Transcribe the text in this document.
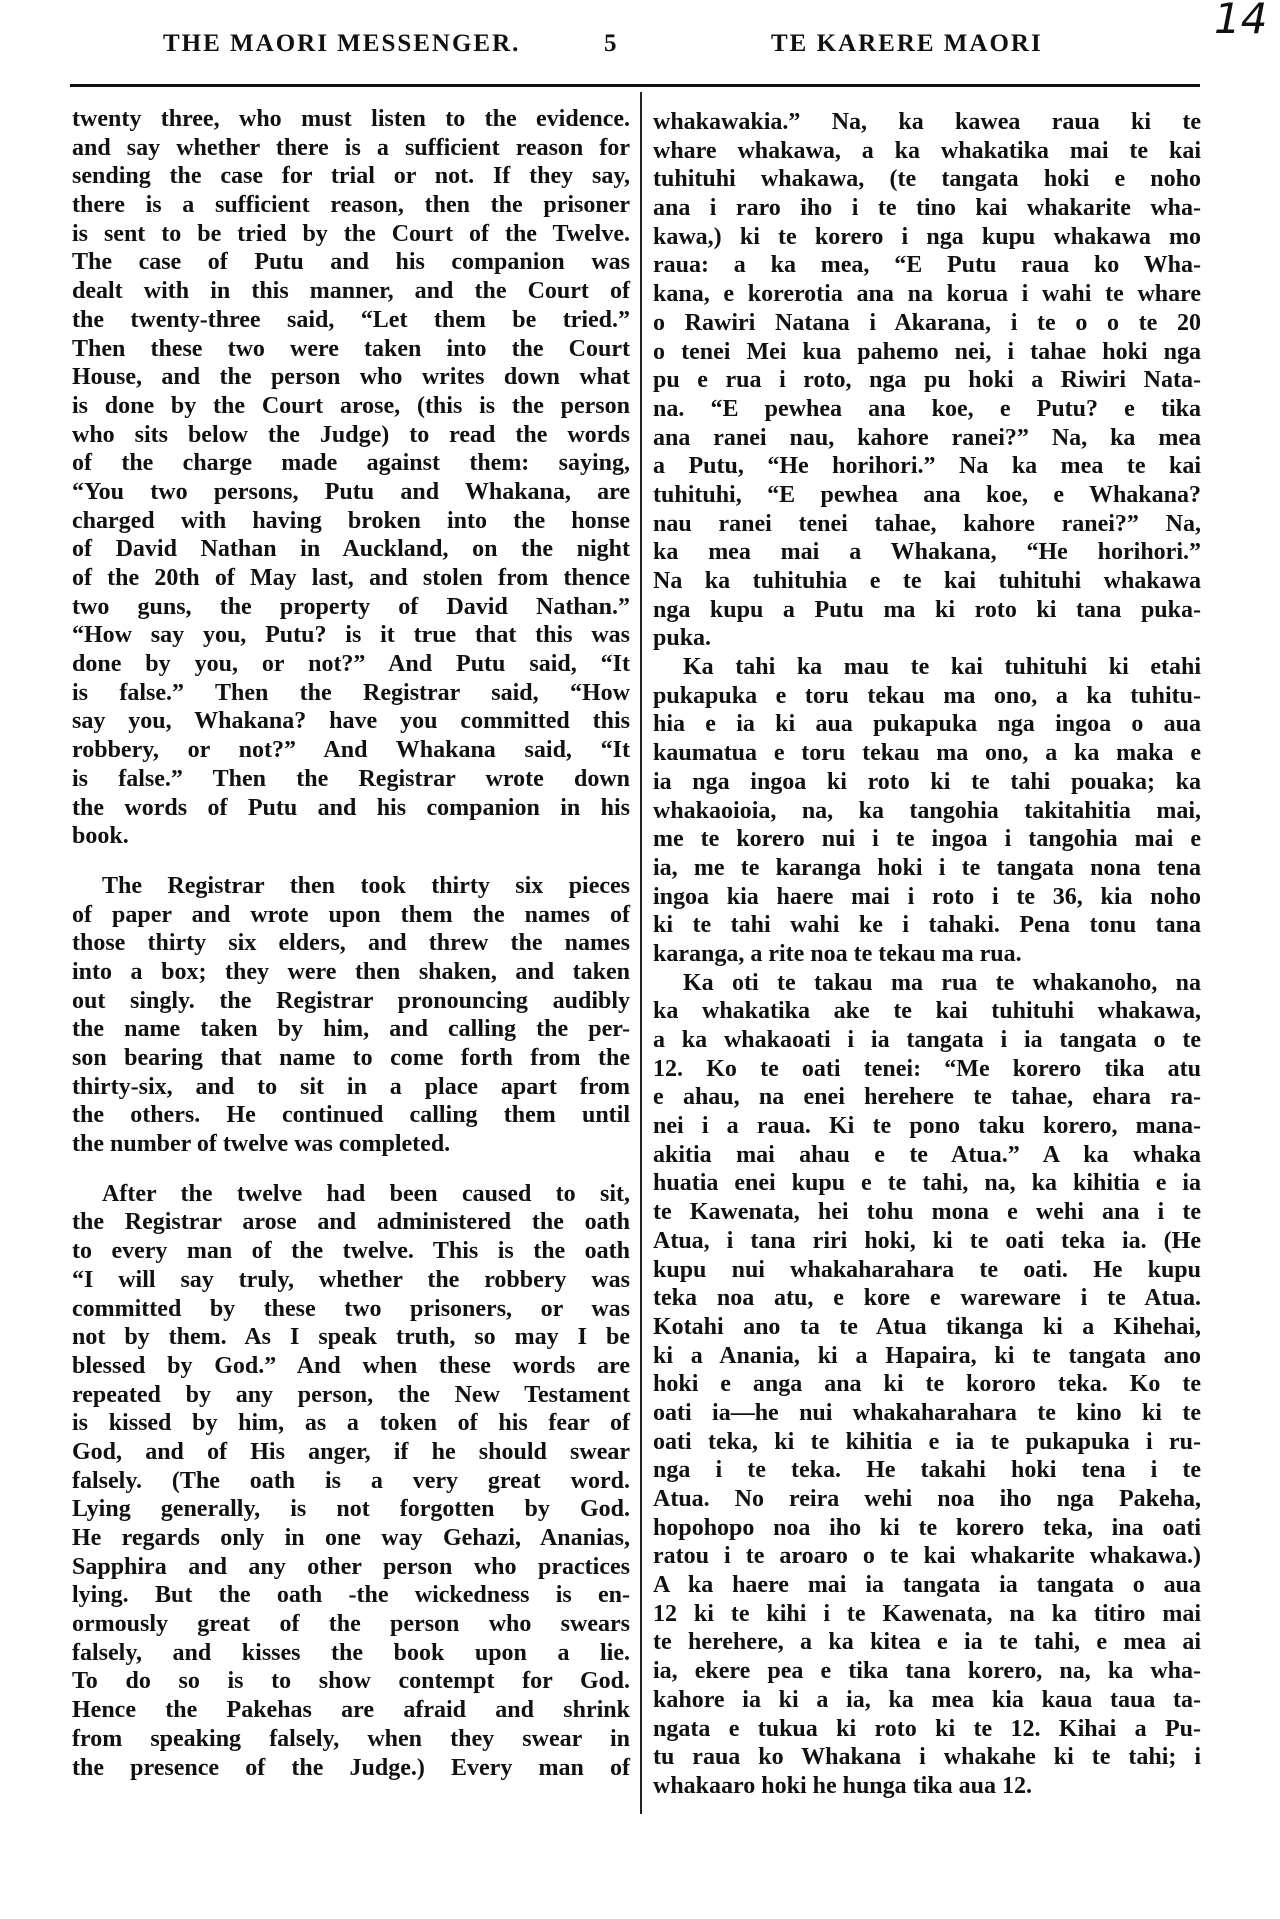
THE MAORI MESSENGER.	5	TE KARERE MAORI
14
twenty three, who must listen to the evidence.
and say whether there is a sufficient reason for
sending the case for trial or not. If they say,
there is a sufficient reason, then the prisoner
is sent to be tried by the Court of the Twelve.
The case of Putu and his companion was
dealt with in this manner, and the Court of
the twenty-three said, “Let them be tried.”
Then these two were taken into the Court
House, and the person who writes down what
is done by the Court arose, (this is the person
who sits below the Judge) to read the words
of the charge made against them: saying,
“You two persons, Putu and Whakana, are
charged with having broken into the honse
of David Nathan in Auckland, on the night
of the 20th of May last, and stolen from thence
two guns, the property of David Nathan.”
“How say you, Putu? is it true that this was
done by you, or not?” And Putu said, “It
is false.” Then the Registrar said, “How
say you, Whakana? have you committed this
robbery, or not?” And Whakana said, “It
is false.” Then the Registrar wrote down
the words of Putu and his companion in his
book.
The Registrar then took thirty six pieces
of paper and wrote upon them the names of
those thirty six elders, and threw the names
into a box; they were then shaken, and taken
out singly. the Registrar pronouncing audibly
the name taken by him, and calling the per-
son bearing that name to come forth from the
thirty-six, and to sit in a place apart from
the others. He continued calling them until
the number of twelve was completed.
After the twelve had been caused to sit,
the Registrar arose and administered the oath
to every man of the twelve. This is the oath
“I will say truly, whether the robbery was
committed by these two prisoners, or was
not by them. As I speak truth, so may I be
blessed by God.” And when these words are
repeated by any person, the New Testament
is kissed by him, as a token of his fear of
God, and of His anger, if he should swear
falsely. (The oath is a very great word.
Lying generally, is not forgotten by God.
He regards only in one way Gehazi, Ananias,
Sapphira and any other person who practices
lying. But the oath -the wickedness is en-
ormously great of the person who swears
falsely, and kisses the book upon a lie.
To do so is to show contempt for God.
Hence the Pakehas are afraid and shrink
from speaking falsely, when they swear in
the presence of the Judge.) Every man of
whakawakia.” Na, ka kawea raua ki te
whare whakawa, a ka whakatika mai te kai
tuhituhi whakawa, (te tangata hoki e noho
ana i raro iho i te tino kai whakarite wha-
kawa,) ki te korero i nga kupu whakawa mo
raua: a ka mea, “E Putu raua ko Wha-
kana, e korerotia ana na korua i wahi te whare
o Rawiri Natana i Akarana, i te o o te 20
o tenei Mei kua pahemo nei, i tahae hoki nga
pu e rua i roto, nga pu hoki a Riwiri Nata-
na. “E pewhea ana koe, e Putu? e tika
ana ranei nau, kahore ranei?” Na, ka mea
a Putu, “He horihori.” Na ka mea te kai
tuhituhi, “E pewhea ana koe, e Whakana?
nau ranei tenei tahae, kahore ranei?” Na,
ka mea mai a Whakana, “He horihori.”
Na ka tuhituhia e te kai tuhituhi whakawa
nga kupu a Putu ma ki roto ki tana puka-
puka.
Ka tahi ka mau te kai tuhituhi ki etahi
pukapuka e toru tekau ma ono, a ka tuhitu-
hia e ia ki aua pukapuka nga ingoa o aua
kaumatua e toru tekau ma ono, a ka maka e
ia nga ingoa ki roto ki te tahi pouaka; ka
whakaoioia, na, ka tangohia takitahitia mai,
me te korero nui i te ingoa i tangohia mai e
ia, me te karanga hoki i te tangata nona tena
ingoa kia haere mai i roto i te 36, kia noho
ki te tahi wahi ke i tahaki. Pena tonu tana
karanga, a rite noa te tekau ma rua.
Ka oti te takau ma rua te whakanoho, na
ka whakatika ake te kai tuhituhi whakawa,
a ka whakaoati i ia tangata i ia tangata o te
12. Ko te oati tenei: “Me korero tika atu
e ahau, na enei herehere te tahae, ehara ra-
nei i a raua. Ki te pono taku korero, mana-
akitia mai ahau e te Atua.” A ka whaka
huatia enei kupu e te tahi, na, ka kihitia e ia
te Kawenata, hei tohu mona e wehi ana i te
Atua, i tana riri hoki, ki te oati teka ia. (He
kupu nui whakaharahara te oati. He kupu
teka noa atu, e kore e wareware i te Atua.
Kotahi ano ta te Atua tikanga ki a Kihehai,
ki a Anania, ki a Hapaira, ki te tangata ano
hoki e anga ana ki te kororo teka. Ko te
oati ia—he nui whakaharahara te kino ki te
oati teka, ki te kihitia e ia te pukapuka i ru-
nga i te teka. He takahi hoki tena i te
Atua. No reira wehi noa iho nga Pakeha,
hopohopo noa iho ki te korero teka, ina oati
ratou i te aroaro o te kai whakarite whakawa.)
A ka haere mai ia tangata ia tangata o aua
12 ki te kihi i te Kawenata, na ka titiro mai
te herehere, a ka kitea e ia te tahi, e mea ai
ia, ekere pea e tika tana korero, na, ka wha-
kahore ia ki a ia, ka mea kia kaua taua ta-
ngata e tukua ki roto ki te 12. Kihai a Pu-
tu raua ko Whakana i whakahe ki te tahi; i
whakaaro hoki he hunga tika aua 12.
